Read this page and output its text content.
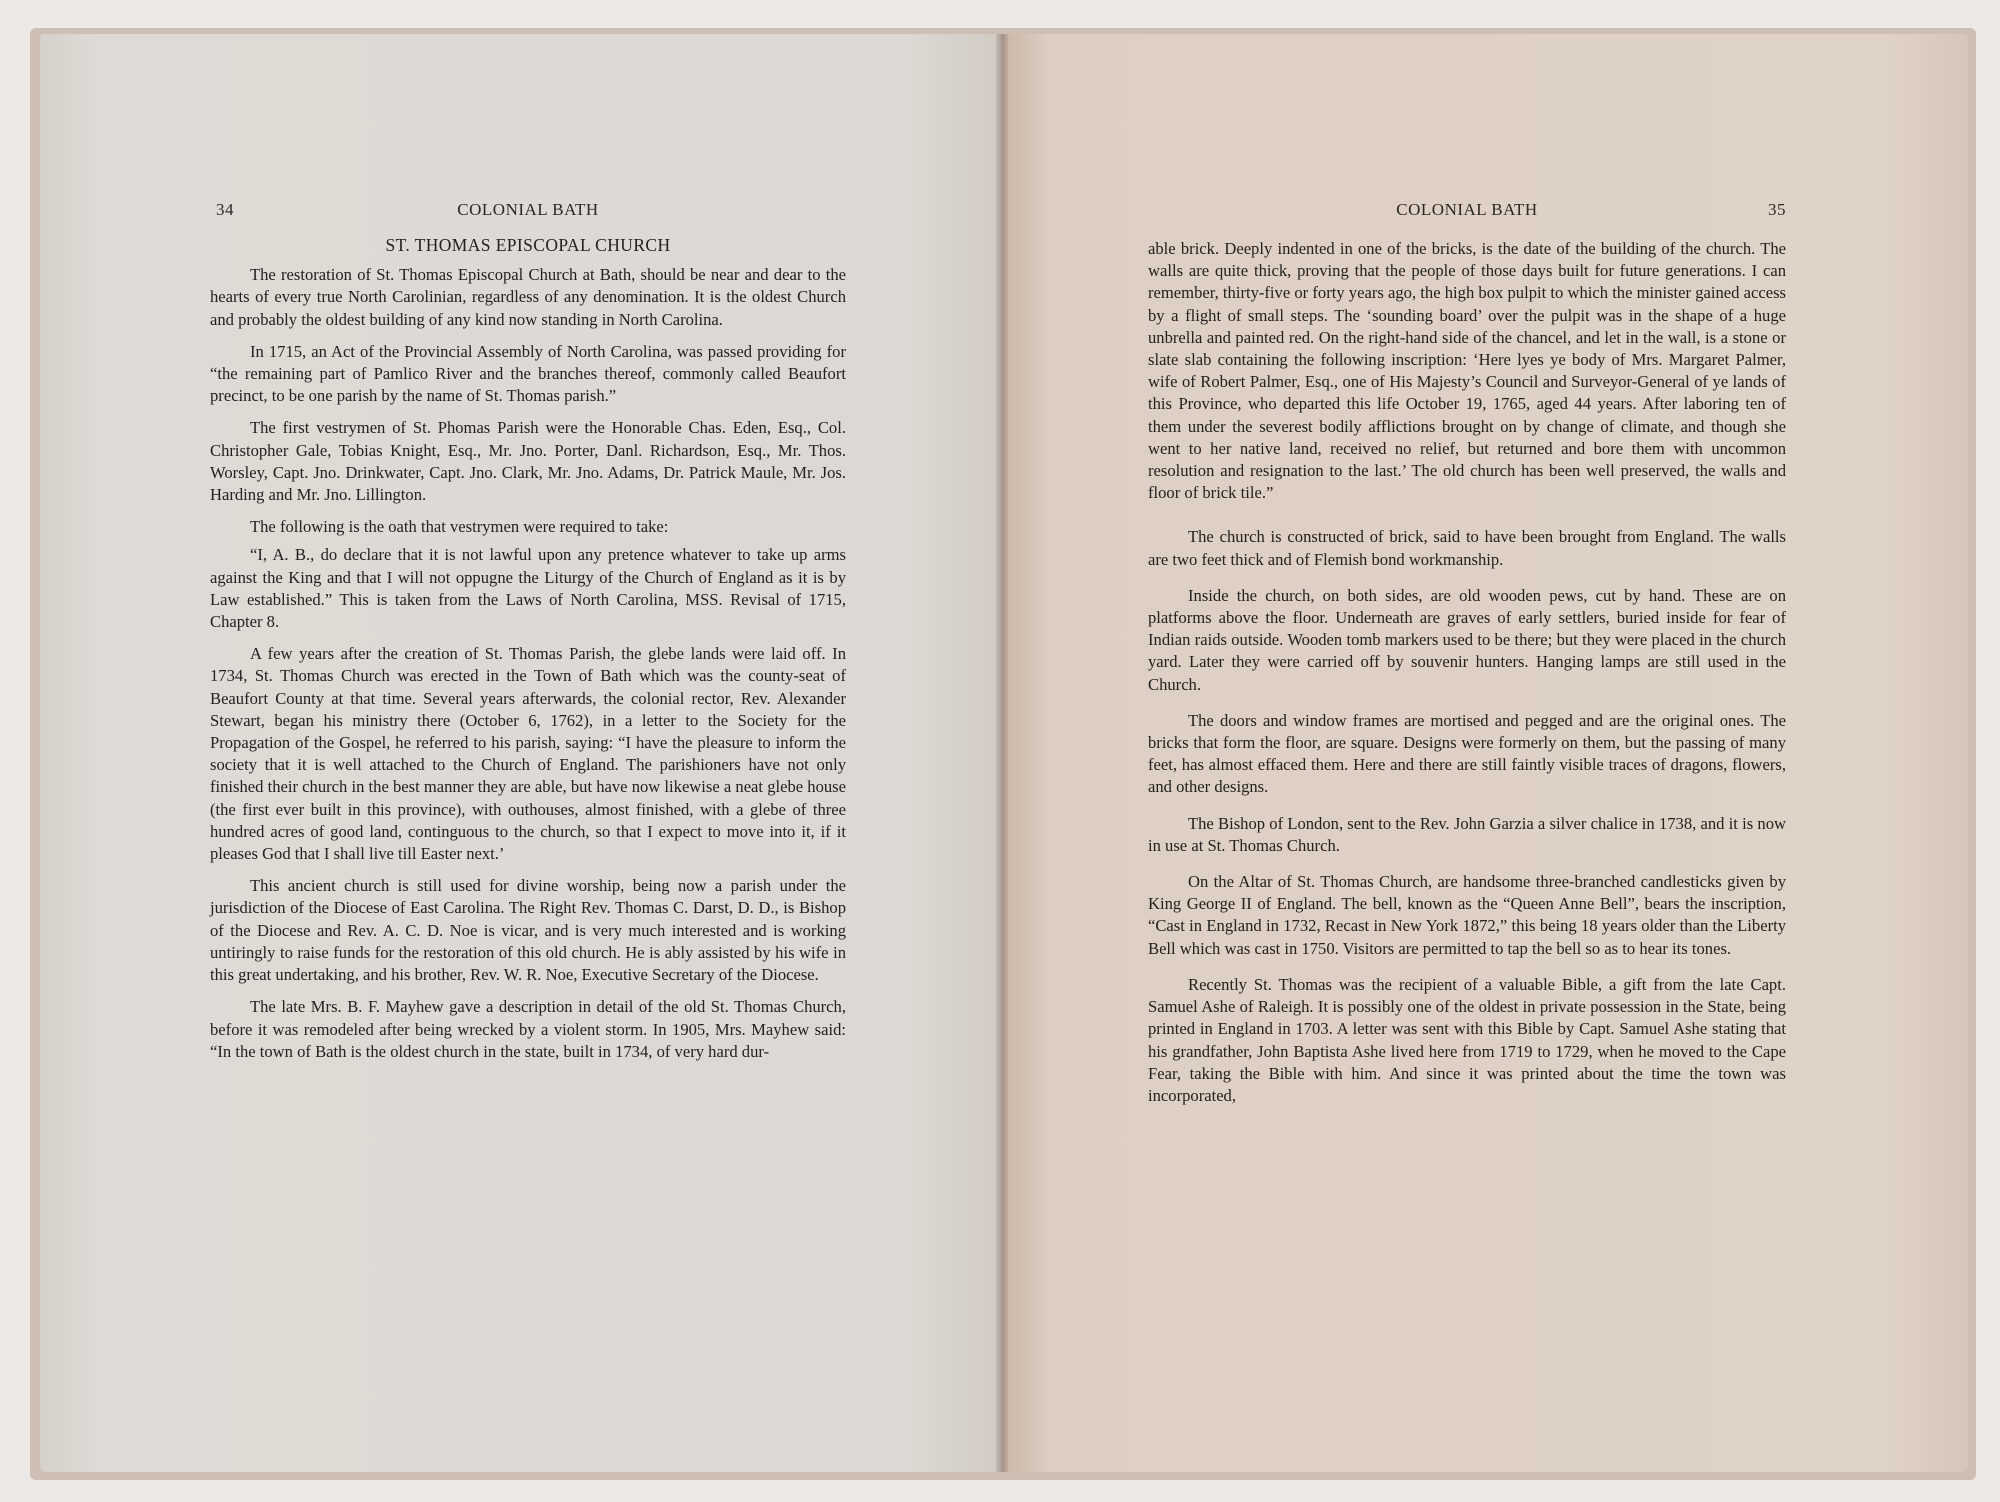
34	COLONIAL BATH
ST. THOMAS EPISCOPAL CHURCH

The restoration of St. Thomas Episcopal Church at Bath, should be near and dear to the hearts of every true North Carolinian, regardless of any denomination. It is the oldest Church and probably the oldest building of any kind now standing in North Carolina.

In 1715, an Act of the Provincial Assembly of North Carolina, was passed providing for “the remaining part of Pamlico River and the branches thereof, commonly called Beaufort precinct, to be one parish by the name of St. Thomas parish.”

The first vestrymen of St. Phomas Parish were the Honorable Chas. Eden, Esq., Col. Christopher Gale, Tobias Knight, Esq., Mr. Jno. Porter, Danl. Richardson, Esq., Mr. Thos. Worsley, Capt. Jno. Drinkwater, Capt. Jno. Clark, Mr. Jno. Adams, Dr. Patrick Maule, Mr. Jos. Harding and Mr. Jno. Lillington.

The following is the oath that vestrymen were required to take:

“I, A. B., do declare that it is not lawful upon any pretence whatever to take up arms against the King and that I will not oppugne the Liturgy of the Church of England as it is by Law established.” This is taken from the Laws of North Carolina, MSS. Revisal of 1715, Chapter 8.

A few years after the creation of St. Thomas Parish, the glebe lands were laid off. In 1734, St. Thomas Church was erected in the Town of Bath which was the county-seat of Beaufort County at that time. Several years afterwards, the colonial rector, Rev. Alexander Stewart, began his ministry there (October 6, 1762), in a letter to the Society for the Propagation of the Gospel, he referred to his parish, saying: “I have the pleasure to inform the society that it is well attached to the Church of England. The parishioners have not only finished their church in the best manner they are able, but have now likewise a neat glebe house (the first ever built in this province), with outhouses, almost finished, with a glebe of three hundred acres of good land, continguous to the church, so that I expect to move into it, if it pleases God that I shall live till Easter next.’

This ancient church is still used for divine worship, being now a parish under the jurisdiction of the Diocese of East Carolina. The Right Rev. Thomas C. Darst, D. D., is Bishop of the Diocese and Rev. A. C. D. Noe is vicar, and is very much interested and is working untiringly to raise funds for the restoration of this old church. He is ably assisted by his wife in this great undertaking, and his brother, Rev. W. R. Noe, Executive Secretary of the Diocese.

The late Mrs. B. F. Mayhew gave a description in detail of the old St. Thomas Church, before it was remodeled after being wrecked by a violent storm. In 1905, Mrs. Mayhew said: “In the town of Bath is the oldest church in the state, built in 1734, of very hard dur-

COLONIAL BATH	35

able brick. Deeply indented in one of the bricks, is the date of the building of the church. The walls are quite thick, proving that the people of those days built for future generations. I can remember, thirty-five or forty years ago, the high box pulpit to which the minister gained access by a flight of small steps. The ‘sounding board’ over the pulpit was in the shape of a huge unbrella and painted red. On the right-hand side of the chancel, and let in the wall, is a stone or slate slab containing the following inscription: ‘Here lyes ye body of Mrs. Margaret Palmer, wife of Robert Palmer, Esq., one of His Majesty’s Council and Surveyor-General of ye lands of this Province, who departed this life October 19, 1765, aged 44 years. After laboring ten of them under the severest bodily afflictions brought on by change of climate, and though she went to her native land, received no relief, but returned and bore them with uncommon resolution and resignation to the last.’ The old church has been well preserved, the walls and floor of brick tile.”

The church is constructed of brick, said to have been brought from England. The walls are two feet thick and of Flemish bond workmanship.

Inside the church, on both sides, are old wooden pews, cut by hand. These are on platforms above the floor. Underneath are graves of early settlers, buried inside for fear of Indian raids outside. Wooden tomb markers used to be there; but they were placed in the church yard. Later they were carried off by souvenir hunters. Hanging lamps are still used in the Church.

The doors and window frames are mortised and pegged and are the original ones. The bricks that form the floor, are square. Designs were formerly on them, but the passing of many feet, has almost effaced them. Here and there are still faintly visible traces of dragons, flowers, and other designs.

The Bishop of London, sent to the Rev. John Garzia a silver chalice in 1738, and it is now in use at St. Thomas Church.

On the Altar of St. Thomas Church, are handsome three-branched candlesticks given by King George II of England. The bell, known as the “Queen Anne Bell”, bears the inscription, “Cast in England in 1732, Recast in New York 1872,” this being 18 years older than the Liberty Bell which was cast in 1750. Visitors are permitted to tap the bell so as to hear its tones.

Recently St. Thomas was the recipient of a valuable Bible, a gift from the late Capt. Samuel Ashe of Raleigh. It is possibly one of the oldest in private possession in the State, being printed in England in 1703. A letter was sent with this Bible by Capt. Samuel Ashe stating that his grandfather, John Baptista Ashe lived here from 1719 to 1729, when he moved to the Cape Fear, taking the Bible with him. And since it was printed about the time the town was incorporated,
